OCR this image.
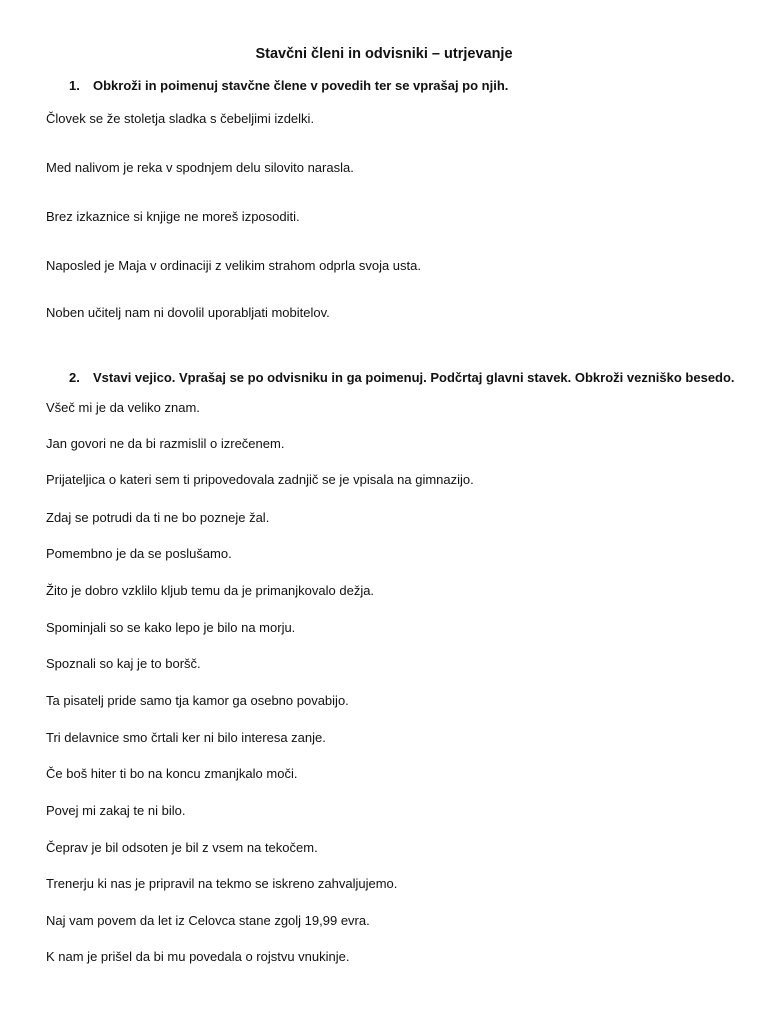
Stavčni členi in odvisniki – utrjevanje
1. Obkroži in poimenuj stavčne člene v povedih ter se vprašaj po njih.
Človek se že stoletja sladka s čebeljimi izdelki.
Med nalivom je reka v spodnjem delu silovito narasla.
Brez izkaznice si knjige ne moreš izposoditi.
Naposled je Maja v ordinaciji z velikim strahom odprla svoja usta.
Noben učitelj nam ni dovolil uporabljati mobitelov.
2. Vstavi vejico. Vprašaj se po odvisniku in ga poimenuj. Podčrtaj glavni stavek. Obkroži vezniško besedo.
Všeč mi je da veliko znam.
Jan govori ne da bi razmislil o izrečenem.
Prijateljica o kateri sem ti pripovedovala zadnjič se je vpisala na gimnazijo.
Zdaj se potrudi da ti ne bo pozneje žal.
Pomembno je da se poslušamo.
Žito je dobro vzklilo kljub temu da je primanjkovalo dežja.
Spominjali so se kako lepo je bilo na morju.
Spoznali so kaj je to boršč.
Ta pisatelj pride samo tja kamor ga osebno povabijo.
Tri delavnice smo črtali ker ni bilo interesa zanje.
Če boš hiter ti bo na koncu zmanjkalo moči.
Povej mi zakaj te ni bilo.
Čeprav je bil odsoten je bil z vsem na tekočem.
Trenerju ki nas je pripravil na tekmo se iskreno zahvaljujemo.
Naj vam povem da let iz Celovca stane zgolj 19,99 evra.
K nam je prišel da bi mu povedala o rojstvu vnukinje.
